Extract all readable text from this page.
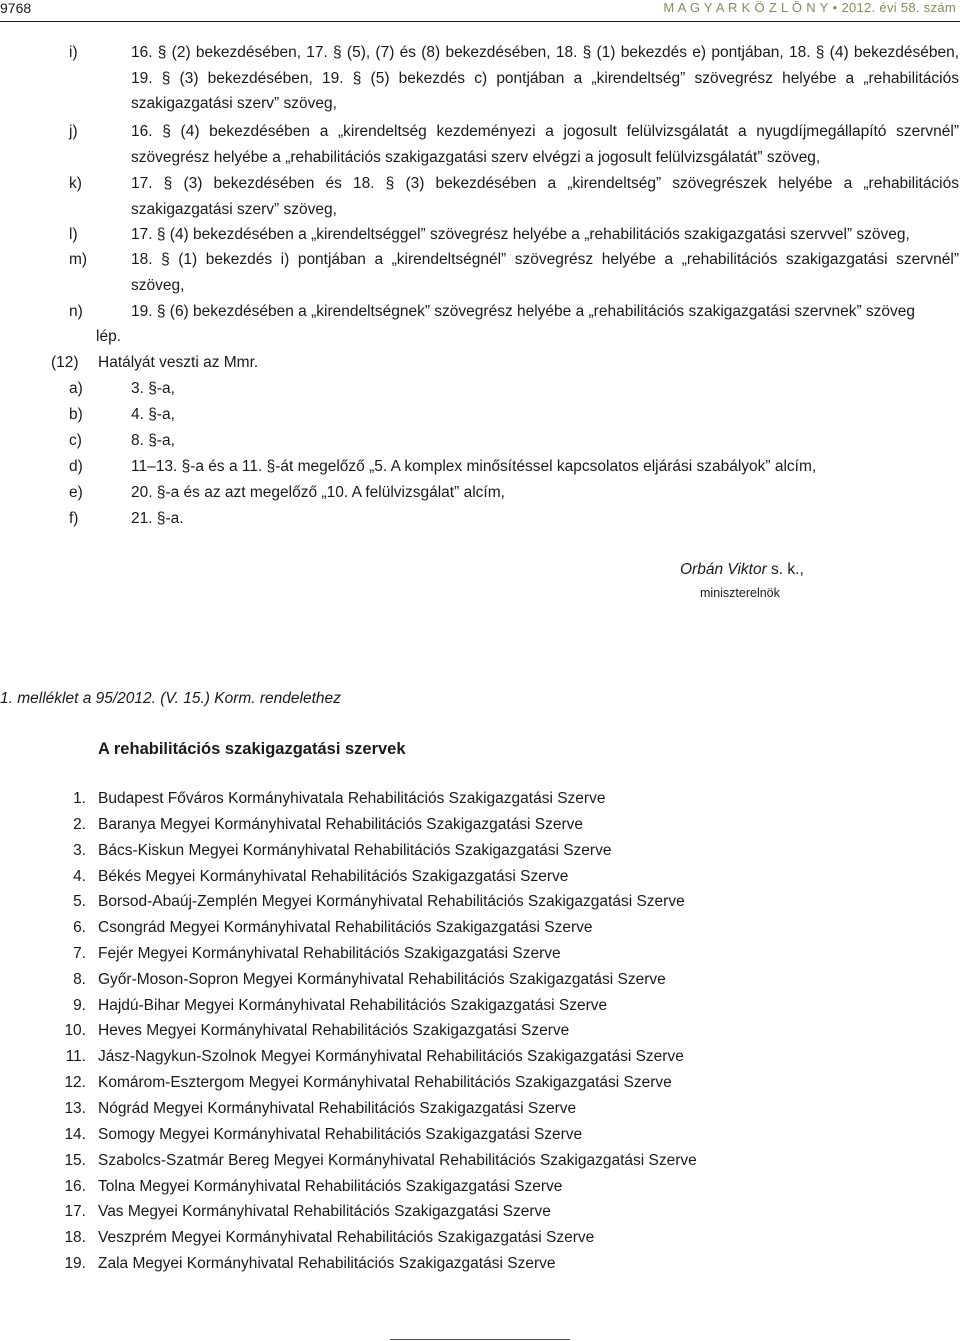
9768	M A G Y A R K Ö Z L Ö N Y • 2012. évi 58. szám
i)	16. § (2) bekezdésében, 17. § (5), (7) és (8) bekezdésében, 18. § (1) bekezdés e) pontjában, 18. § (4) bekezdésében,
19. § (3) bekezdésében, 19. § (5) bekezdés c) pontjában a „kirendeltség” szövegrész helyébe a „rehabilitációs
szakigazgatási szerv” szöveg,
j)	16. § (4) bekezdésében a „kirendeltség kezdeményezi a jogosult felülvizsgálatát a nyugdíjmegállapító szervnél”
szövegrész helyébe a „rehabilitációs szakigazgatási szerv elvégzi a jogosult felülvizsgálatát” szöveg,
k)	17. § (3) bekezdésében és 18. § (3) bekezdésében a „kirendeltség” szövegrészek helyébe a „rehabilitációs
szakigazgatási szerv” szöveg,
l)	17. § (4) bekezdésében a „kirendeltséggel” szövegrész helyébe a „rehabilitációs szakigazgatási szervvel” szöveg,
m)	18. § (1) bekezdés i) pontjában a „kirendeltségnél” szövegrész helyébe a „rehabilitációs szakigazgatási szervnél”
szöveg,
n)	19. § (6) bekezdésében a „kirendeltségnek” szövegrész helyébe a „rehabilitációs szakigazgatási szervnek” szöveg
lép.
(12) Hatályát veszti az Mmr.
a)	3. §-a,
b)	4. §-a,
c)	8. §-a,
d)	11–13. §-a és a 11. §-át megelőző „5. A komplex minősítéssel kapcsolatos eljárási szabályok” alcím,
e)	20. §-a és az azt megelőző „10. A felülvizsgálat” alcím,
f)	21. §-a.
Orbán Viktor s. k.,
miniszterelnök
1. melléklet a 95/2012. (V. 15.) Korm. rendelethez
A rehabilitációs szakigazgatási szervek
1. Budapest Főváros Kormányhivatala Rehabilitációs Szakigazgatási Szerve
2. Baranya Megyei Kormányhivatal Rehabilitációs Szakigazgatási Szerve
3. Bács-Kiskun Megyei Kormányhivatal Rehabilitációs Szakigazgatási Szerve
4. Békés Megyei Kormányhivatal Rehabilitációs Szakigazgatási Szerve
5. Borsod-Abaúj-Zemplén Megyei Kormányhivatal Rehabilitációs Szakigazgatási Szerve
6. Csongrád Megyei Kormányhivatal Rehabilitációs Szakigazgatási Szerve
7. Fejér Megyei Kormányhivatal Rehabilitációs Szakigazgatási Szerve
8. Győr-Moson-Sopron Megyei Kormányhivatal Rehabilitációs Szakigazgatási Szerve
9. Hajdú-Bihar Megyei Kormányhivatal Rehabilitációs Szakigazgatási Szerve
10. Heves Megyei Kormányhivatal Rehabilitációs Szakigazgatási Szerve
11. Jász-Nagykun-Szolnok Megyei Kormányhivatal Rehabilitációs Szakigazgatási Szerve
12. Komárom-Esztergom Megyei Kormányhivatal Rehabilitációs Szakigazgatási Szerve
13. Nógrád Megyei Kormányhivatal Rehabilitációs Szakigazgatási Szerve
14. Somogy Megyei Kormányhivatal Rehabilitációs Szakigazgatási Szerve
15. Szabolcs-Szatmár Bereg Megyei Kormányhivatal Rehabilitációs Szakigazgatási Szerve
16. Tolna Megyei Kormányhivatal Rehabilitációs Szakigazgatási Szerve
17. Vas Megyei Kormányhivatal Rehabilitációs Szakigazgatási Szerve
18. Veszprém Megyei Kormányhivatal Rehabilitációs Szakigazgatási Szerve
19. Zala Megyei Kormányhivatal Rehabilitációs Szakigazgatási Szerve
